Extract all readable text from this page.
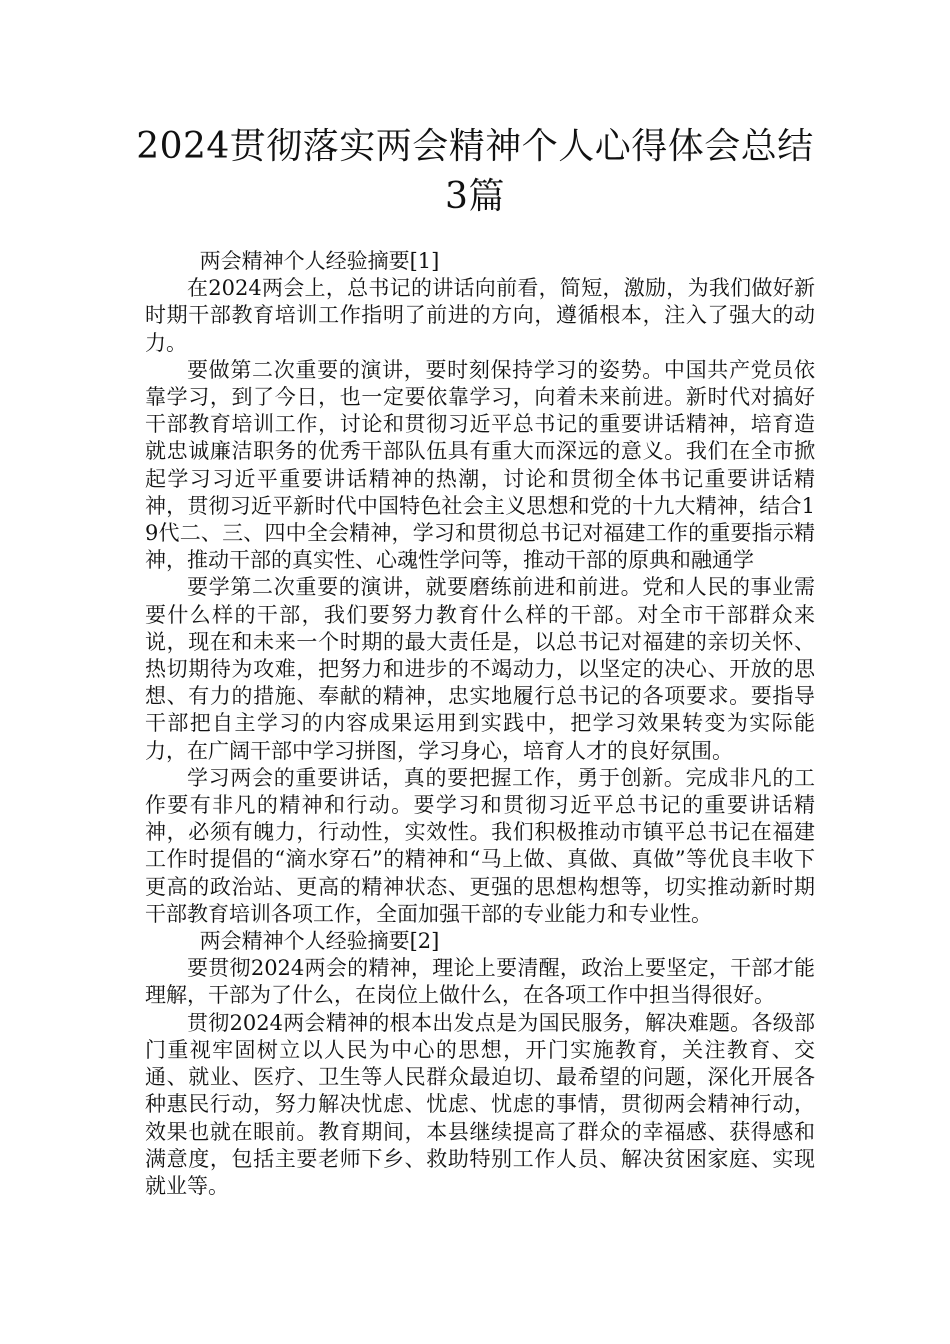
2024贯彻落实两会精神个人心得体会总结
3篇

两会精神个人经验摘要[1]

在2024两会上，总书记的讲话向前看，简短，激励，为我们做好新时期干部教育培训工作指明了前进的方向，遵循根本，注入了强大的动力。

要做第二次重要的演讲，要时刻保持学习的姿势。中国共产党员依靠学习，到了今日，也一定要依靠学习，向着未来前进。新时代对搞好干部教育培训工作，讨论和贯彻习近平总书记的重要讲话精神，培育造就忠诚廉洁职务的优秀干部队伍具有重大而深远的意义。我们在全市掀起学习习近平重要讲话精神的热潮，讨论和贯彻全体书记重要讲话精神，贯彻习近平新时代中国特色社会主义思想和党的十九大精神，结合19代二、三、四中全会精神，学习和贯彻总书记对福建工作的重要指示精神，推动干部的真实性、心魂性学问等，推动干部的原典和融通学

要学第二次重要的演讲，就要磨练前进和前进。党和人民的事业需要什么样的干部，我们要努力教育什么样的干部。对全市干部群众来说，现在和未来一个时期的最大责任是，以总书记对福建的亲切关怀、热切期待为攻难，把努力和进步的不竭动力，以坚定的决心、开放的思想、有力的措施、奉献的精神，忠实地履行总书记的各项要求。要指导干部把自主学习的内容成果运用到实践中，把学习效果转变为实际能力，在广阔干部中学习拼图，学习身心，培育人才的良好氛围。

学习两会的重要讲话，真的要把握工作，勇于创新。完成非凡的工作要有非凡的精神和行动。要学习和贯彻习近平总书记的重要讲话精神，必须有魄力，行动性，实效性。我们积极推动市镇平总书记在福建工作时提倡的“滴水穿石”的精神和“马上做、真做、真做”等优良丰收下更高的政治站、更高的精神状态、更强的思想构想等，切实推动新时期干部教育培训各项工作，全面加强干部的专业能力和专业性。

两会精神个人经验摘要[2]

要贯彻2024两会的精神，理论上要清醒，政治上要坚定，干部才能理解，干部为了什么，在岗位上做什么，在各项工作中担当得很好。

贯彻2024两会精神的根本出发点是为国民服务，解决难题。各级部门重视牢固树立以人民为中心的思想，开门实施教育，关注教育、交通、就业、医疗、卫生等人民群众最迫切、最希望的问题，深化开展各种惠民行动，努力解决忧虑、忧虑、忧虑的事情，贯彻两会精神行动，效果也就在眼前。教育期间，本县继续提高了群众的幸福感、获得感和满意度，包括主要老师下乡、救助特别工作人员、解决贫困家庭、实现就业等。
